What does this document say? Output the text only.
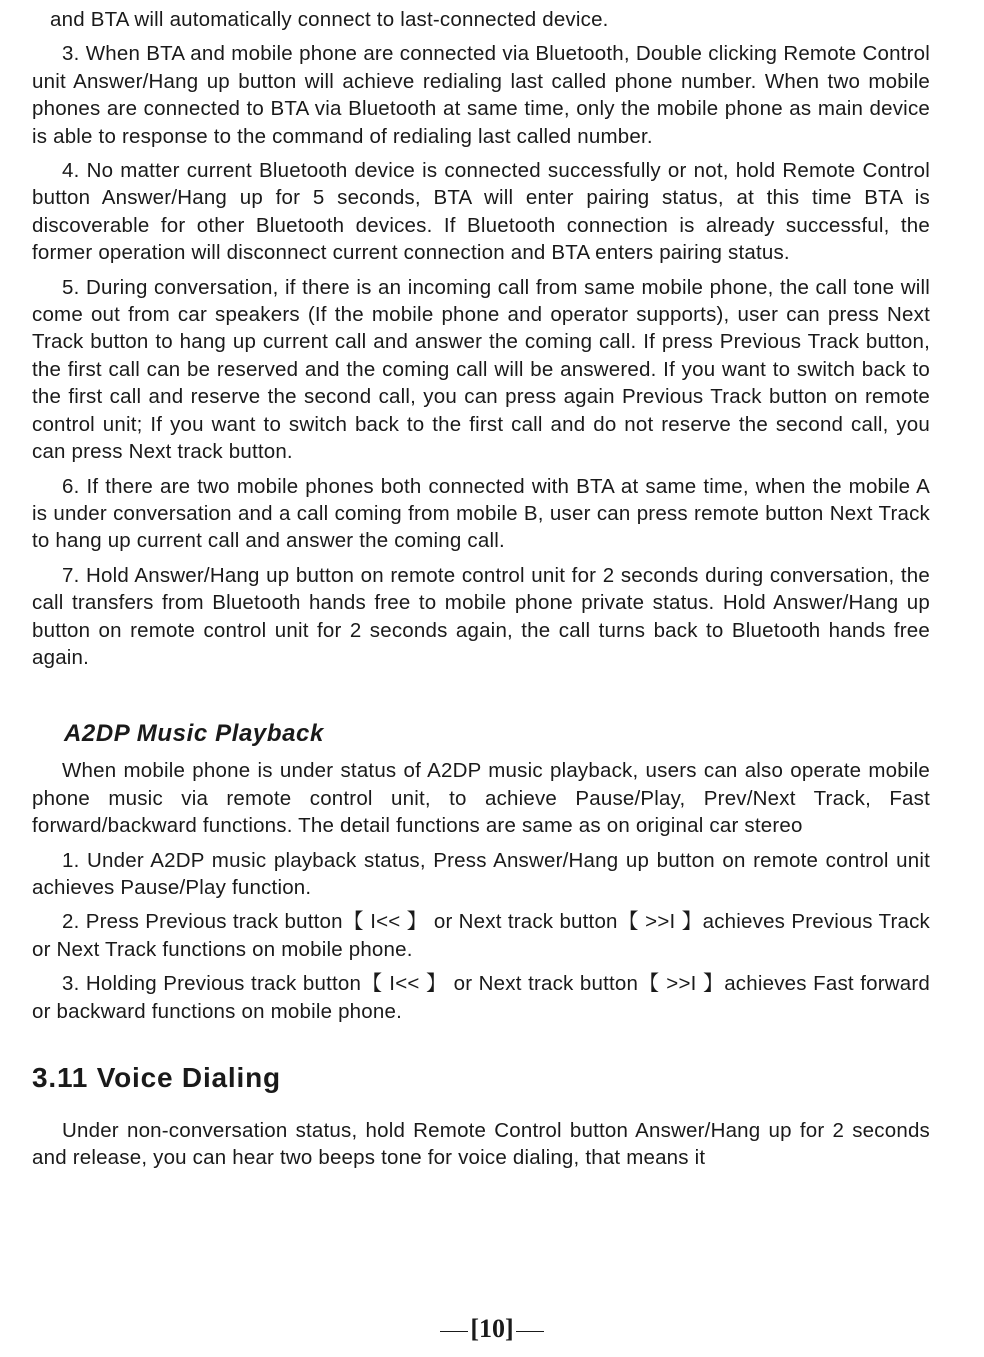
and BTA will automatically connect to last-connected device.

3. When BTA and mobile phone are connected via Bluetooth, Double clicking Remote Control unit Answer/Hang up button will achieve redialing last called phone number. When two mobile phones are connected to BTA via Bluetooth at same time, only the mobile phone as main device is able to response to the command of redialing last called number.

4. No matter current Bluetooth device is connected successfully or not, hold Remote Control button Answer/Hang up for 5 seconds, BTA will enter pairing status, at this time BTA is discoverable for other Bluetooth devices. If Bluetooth connection is already successful, the former operation will disconnect current connection and BTA enters pairing status.

5. During conversation, if there is an incoming call from same mobile phone, the call tone will come out from car speakers (If the mobile phone and operator supports), user can press Next Track button to hang up current call and answer the coming call. If press Previous Track button, the first call can be reserved and the coming call will be answered. If you want to switch back to the first call and reserve the second call, you can press again Previous Track button on remote control unit; If you want to switch back to the first call and do not reserve the second call, you can press Next track button.

6. If there are two mobile phones both connected with BTA at same time, when the mobile A is under conversation and a call coming from mobile B, user can press remote button Next Track to hang up current call and answer the coming call.

7. Hold Answer/Hang up button on remote control unit for 2 seconds during conversation, the call transfers from Bluetooth hands free to mobile phone private status. Hold Answer/Hang up button on remote control unit for 2 seconds again, the call turns back to Bluetooth hands free again.

A2DP Music Playback

When mobile phone is under status of A2DP music playback, users can also operate mobile phone music via remote control unit, to achieve Pause/Play, Prev/Next Track, Fast forward/backward functions. The detail functions are same as on original car stereo

1. Under A2DP music playback status, Press Answer/Hang up button on remote control unit achieves Pause/Play function.

2. Press Previous track button【 I<< 】 or Next track button【 >>I 】achieves Previous Track or Next Track functions on mobile phone.

3. Holding Previous track button【 I<< 】 or Next track button【 >>I 】achieves Fast forward or backward functions on mobile phone.

3.11 Voice Dialing

Under non-conversation status, hold Remote Control button Answer/Hang up for 2 seconds and release, you can hear two beeps tone for voice dialing, that means it

[10]
